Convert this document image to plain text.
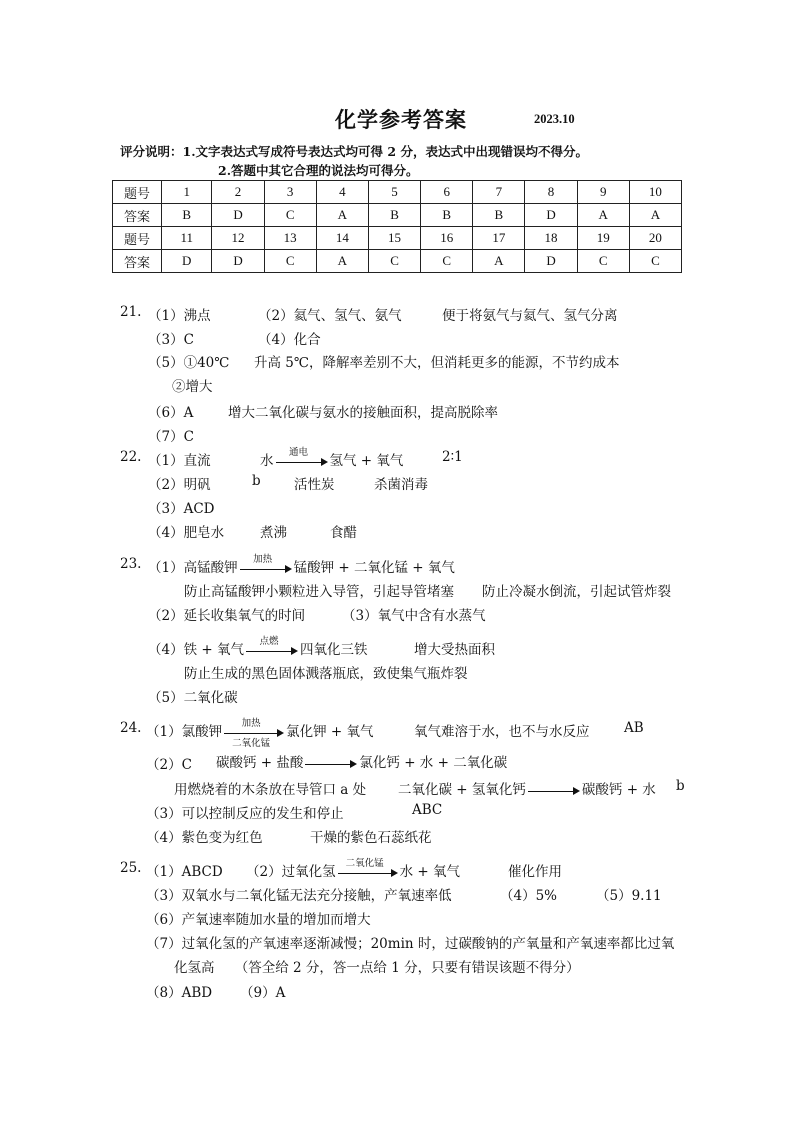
化学参考答案	2023.10
评分说明：1.文字表达式写成符号表达式均可得 2 分，表达式中出现错误均不得分。
2.答题中其它合理的说法均可得分。
题号	1	2	3	4	5	6	7	8	9	10
答案	B	D	C	A	B	B	B	D	A	A
题号	11	12	13	14	15	16	17	18	19	20
答案	D	D	C	A	C	C	A	D	C	C
21. （1）沸点	（2）氦气、氢气、氨气	便于将氨气与氦气、氢气分离
（3）C	（4）化合
（5）①40℃ 升高 5℃，降解率差别不大，但消耗更多的能源，不节约成本
②增大
（6）A	增大二氧化碳与氨水的接触面积，提高脱除率
（7）C
22. （1）直流	水
通电
氢气 + 氧气	2∶1
（2）明矾	b 活性炭	杀菌消毒
（3）ACD
（4）肥皂水	煮沸	食醋
23. （1）高锰酸钾
加热
锰酸钾 + 二氧化锰 + 氧气
防止高锰酸钾小颗粒进入导管，引起导管堵塞 防止冷凝水倒流，引起试管炸裂
（2）延长收集氧气的时间	（3）氧气中含有水蒸气
（4）铁 + 氧气
点燃
四氧化三铁	增大受热面积
防止生成的黑色固体溅落瓶底，致使集气瓶炸裂
（5）二氧化碳
24. （1）氯酸钾
加热
二氧化锰
氯化钾 + 氧气	氧气难溶于水，也不与水反应	AB
（2）C 碳酸钙 + 盐酸	氯化钙 + 水 + 二氧化碳
用燃烧着的木条放在导管口 a 处 二氧化碳 + 氢氧化钙	碳酸钙 + 水 b
（3）可以控制反应的发生和停止	ABC
（4）紫色变为红色	干燥的紫色石蕊纸花
25. （1）ABCD （2）过氧化氢
二氧化锰
水 + 氧气	催化作用
（3）双氧水与二氧化锰无法充分接触，产氧速率低	（4）5%	（5）9.11
（6）产氧速率随加水量的增加而增大
（7）过氧化氢的产氧速率逐渐减慢；20min 时，过碳酸钠的产氧量和产氧速率都比过氧
化氢高　　（答全给 2 分，答一点给 1 分，只要有错误该题不得分）
（8）ABD （9）A
